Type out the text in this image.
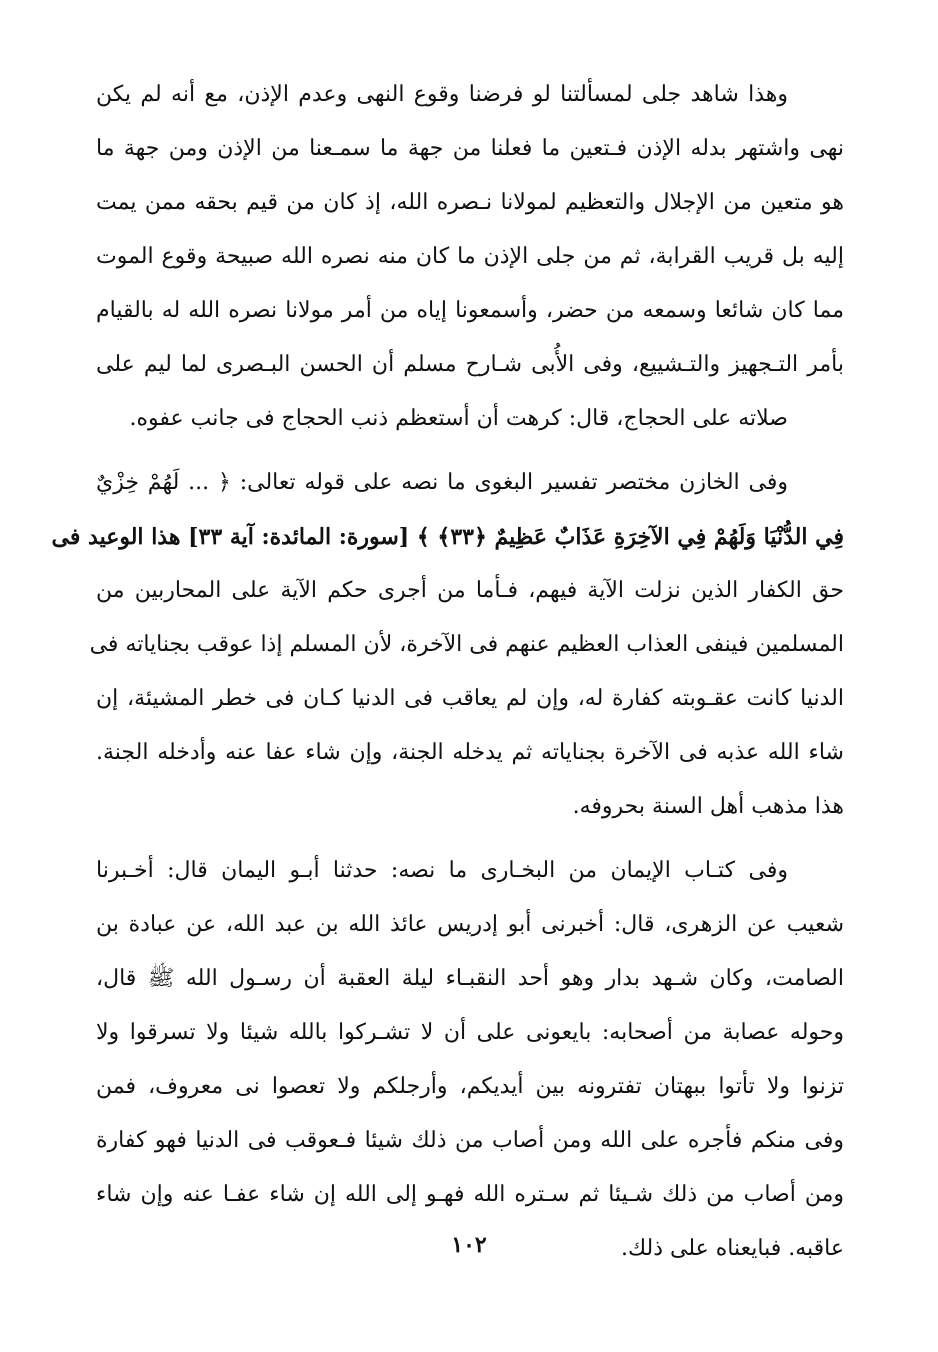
وهذا شاهد جلى لمسألتنا لو فرضنا وقوع النهى وعدم الإذن، مع أنه لم يكن
نهى واشتهر بدله الإذن فـتعين ما فعلنا من جهة ما سمـعنا من الإذن ومن جهة ما
هو متعين من الإجلال والتعظيم لمولانا نـصره الله، إذ كان من قيم بحقه ممن يمت
إليه بل قريب القرابة، ثم من جلى الإذن ما كان منه نصره الله صبيحة وقوع الموت
مما كان شائعا وسمعه من حضر، وأسمعونا إياه من أمر مولانا نصره الله له بالقيام
بأمر التـجهيز والتـشييع، وفى الأُبى شـارح مسلم أن الحسن البـصرى لما ليم على
صلاته على الحجاج، قال: كرهت أن أستعظم ذنب الحجاج فى جانب عفوه.
وفى الخازن مختصر تفسير البغوى ما نصه على قوله تعالى: ﴿ ... لَهُمْ خِزْيٌ
فِي الدُّنْيَا وَلَهُمْ فِي الآخِرَةِ عَذَابٌ عَظِيمٌ ﴿٣٣﴾ ﴾ [سورة: المائدة: آية ٣٣] هذا الوعيد فى
حق الكفار الذين نزلت الآية فيهم، فـأما من أجرى حكم الآية على المحاربين من
المسلمين فينفى العذاب العظيم عنهم فى الآخرة، لأن المسلم إذا عوقب بجناياته فى
الدنيا كانت عقـوبته كفارة له، وإن لم يعاقب فى الدنيا كـان فى خطر المشيئة، إن
شاء الله عذبه فى الآخرة بجناياته ثم يدخله الجنة، وإن شاء عفا عنه وأدخله الجنة.
هذا مذهب أهل السنة بحروفه.
وفى كتـاب الإيمان من البخـارى ما نصه: حدثنا أبـو اليمان قال: أخـبرنا
شعيب عن الزهرى، قال: أخبرنى أبو إدريس عائذ الله بن عبد الله، عن عبادة بن
الصامت، وكان شـهد بدار وهو أحد النقبـاء ليلة العقبة أن رسـول الله ﷺ قال،
وحوله عصابة من أصحابه: بايعونى على أن لا تشـركوا بالله شيئا ولا تسرقوا ولا
تزنوا ولا تأتوا ببهتان تفترونه بين أيديكم، وأرجلكم ولا تعصوا نى معروف، فمن
وفى منكم فأجره على الله ومن أصاب من ذلك شيئا فـعوقب فى الدنيا فهو كفارة
ومن أصاب من ذلك شـيئا ثم سـتره الله فهـو إلى الله إن شاء عفـا عنه وإن شاء
عاقبه. فبايعناه على ذلك.
١٠٢
